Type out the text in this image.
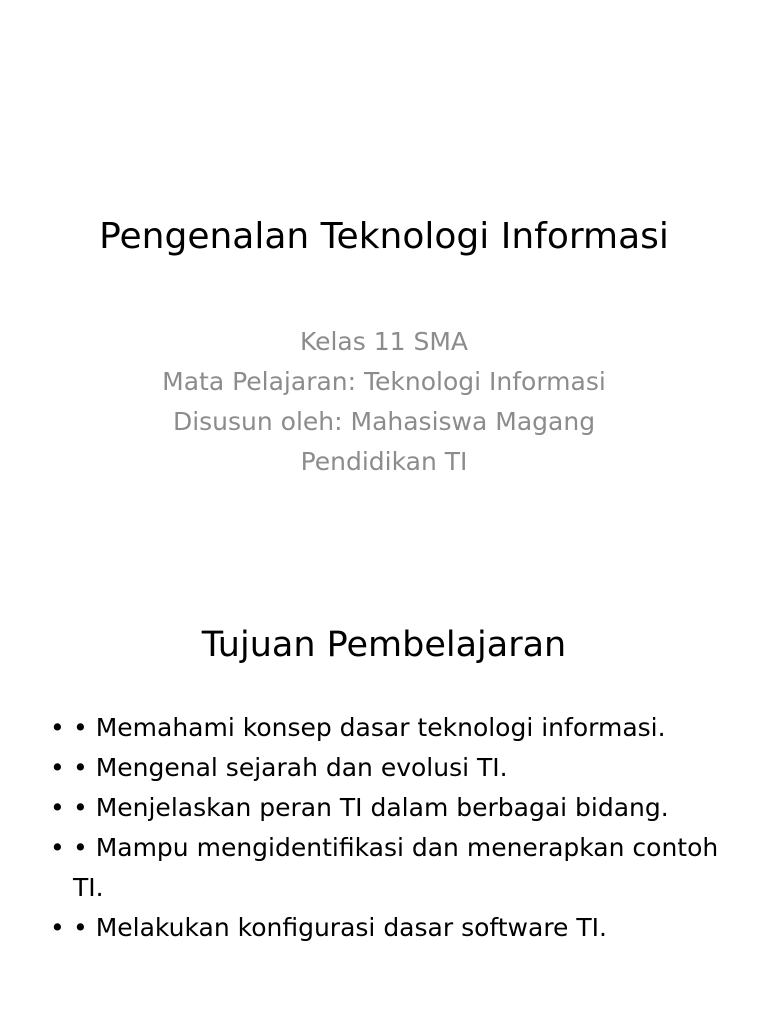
Pengenalan Teknologi Informasi
Kelas 11 SMA
Mata Pelajaran: Teknologi Informasi
Disusun oleh: Mahasiswa Magang
Pendidikan TI
Tujuan Pembelajaran
• • Memahami konsep dasar teknologi informasi.
• • Mengenal sejarah dan evolusi TI.
• • Menjelaskan peran TI dalam berbagai bidang.
• • Mampu mengidentifikasi dan menerapkan contoh TI.
• • Melakukan konfigurasi dasar software TI.
